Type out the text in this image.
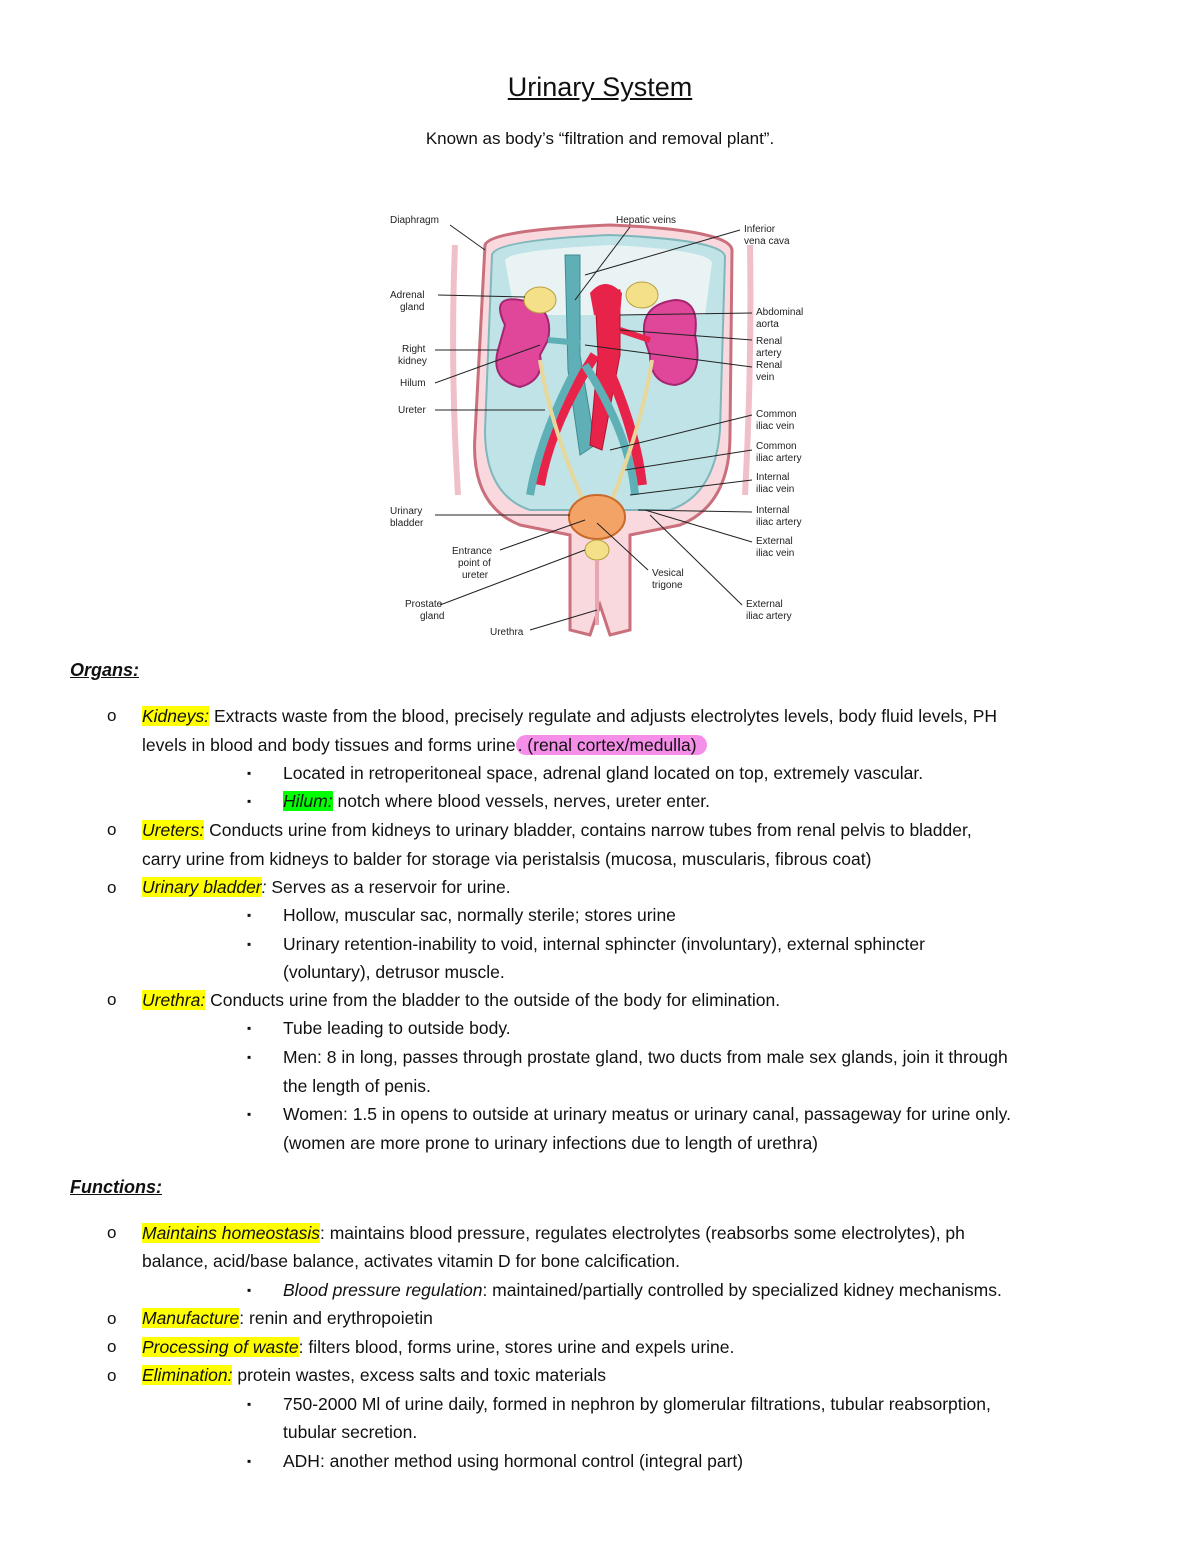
Urinary System
Known as body’s “filtration and removal plant”.
Diaphragm
Adrenal
gland
Right
kidney
Hilum
Ureter
Urinary
bladder
Entrance
point of
ureter
Prostate
gland
Urethra
Hepatic veins
Inferior
vena cava
Abdominal
aorta
Renal
artery
Renal
vein
Common
iliac vein
Common
iliac artery
Internal
iliac vein
Internal
iliac artery
External
iliac vein
Vesical
trigone
External
iliac artery
Organs:
o Kidneys: Extracts waste from the blood, precisely regulate and adjusts electrolytes levels, body fluid levels, PH
levels in blood and body tissues and forms urine . (renal cortex/medulla)
▪ Located in retroperitoneal space, adrenal gland located on top, extremely vascular.
▪ Hilum: notch where blood vessels, nerves, ureter enter.
o Ureters: Conducts urine from kidneys to urinary bladder, contains narrow tubes from renal pelvis to bladder,
carry urine from kidneys to balder for storage via peristalsis (mucosa, muscularis, fibrous coat)
o Urinary bladder: Serves as a reservoir for urine.
▪ Hollow, muscular sac, normally sterile; stores urine
▪ Urinary retention-inability to void, internal sphincter (involuntary), external sphincter
(voluntary), detrusor muscle.
o Urethra: Conducts urine from the bladder to the outside of the body for elimination.
▪ Tube leading to outside body.
▪ Men: 8 in long, passes through prostate gland, two ducts from male sex glands, join it through
the length of penis.
▪ Women: 1.5 in opens to outside at urinary meatus or urinary canal, passageway for urine only.
(women are more prone to urinary infections due to length of urethra)
Functions:
o Maintains homeostasis: maintains blood pressure, regulates electrolytes (reabsorbs some electrolytes), ph
balance, acid/base balance, activates vitamin D for bone calcification.
▪ Blood pressure regulation: maintained/partially controlled by specialized kidney mechanisms.
o Manufacture: renin and erythropoietin
o Processing of waste: filters blood, forms urine, stores urine and expels urine.
o Elimination: protein wastes, excess salts and toxic materials
▪ 750-2000 Ml of urine daily, formed in nephron by glomerular filtrations, tubular reabsorption,
tubular secretion.
▪ ADH: another method using hormonal control (integral part)
